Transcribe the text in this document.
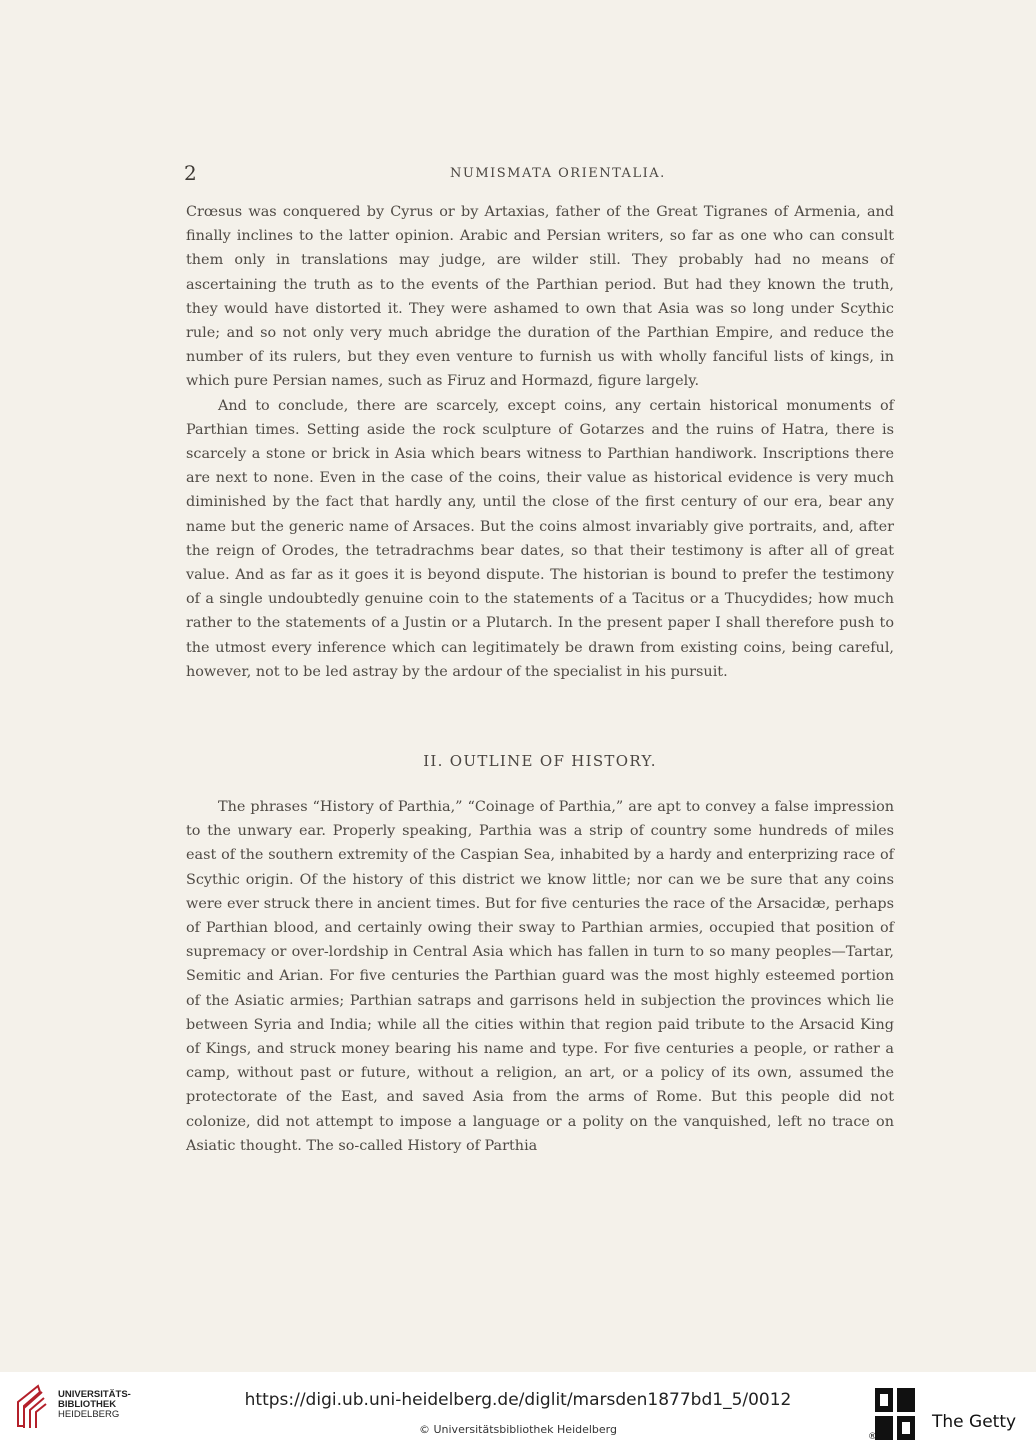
2	NUMISMATA ORIENTALIA.

Crœsus was conquered by Cyrus or by Artaxias, father of the Great Tigranes of Armenia, and finally inclines to the latter opinion. Arabic and Persian writers, so far as one who can consult them only in translations may judge, are wilder still. They probably had no means of ascertaining the truth as to the events of the Parthian period. But had they known the truth, they would have distorted it. They were ashamed to own that Asia was so long under Scythic rule; and so not only very much abridge the duration of the Parthian Empire, and reduce the number of its rulers, but they even venture to furnish us with wholly fanciful lists of kings, in which pure Persian names, such as Firuz and Hormazd, figure largely.

And to conclude, there are scarcely, except coins, any certain historical monuments of Parthian times. Setting aside the rock sculpture of Gotarzes and the ruins of Hatra, there is scarcely a stone or brick in Asia which bears witness to Parthian handiwork. Inscriptions there are next to none. Even in the case of the coins, their value as historical evidence is very much diminished by the fact that hardly any, until the close of the first century of our era, bear any name but the generic name of Arsaces. But the coins almost invariably give portraits, and, after the reign of Orodes, the tetradrachms bear dates, so that their testimony is after all of great value. And as far as it goes it is beyond dispute. The historian is bound to prefer the testimony of a single undoubtedly genuine coin to the statements of a Tacitus or a Thucydides; how much rather to the statements of a Justin or a Plutarch. In the present paper I shall therefore push to the utmost every inference which can legitimately be drawn from existing coins, being careful, however, not to be led astray by the ardour of the specialist in his pursuit.

II. OUTLINE OF HISTORY.

The phrases “History of Parthia,” “Coinage of Parthia,” are apt to convey a false impression to the unwary ear. Properly speaking, Parthia was a strip of country some hundreds of miles east of the southern extremity of the Caspian Sea, inhabited by a hardy and enterprizing race of Scythic origin. Of the history of this district we know little; nor can we be sure that any coins were ever struck there in ancient times. But for five centuries the race of the Arsacidæ, perhaps of Parthian blood, and certainly owing their sway to Parthian armies, occupied that position of supremacy or over-lordship in Central Asia which has fallen in turn to so many peoples—Tartar, Semitic and Arian. For five centuries the Parthian guard was the most highly esteemed portion of the Asiatic armies; Parthian satraps and garrisons held in subjection the provinces which lie between Syria and India; while all the cities within that region paid tribute to the Arsacid King of Kings, and struck money bearing his name and type. For five centuries a people, or rather a camp, without past or future, without a religion, an art, or a policy of its own, assumed the protectorate of the East, and saved Asia from the arms of Rome. But this people did not colonize, did not attempt to impose a language or a polity on the vanquished, left no trace on Asiatic thought. The so-called History of Parthia

UNIVERSITÄTS-
BIBLIOTHEK
HEIDELBERG
https://digi.ub.uni-heidelberg.de/diglit/marsden1877bd1_5/0012
© Universitätsbibliothek Heidelberg	The Getty
®
